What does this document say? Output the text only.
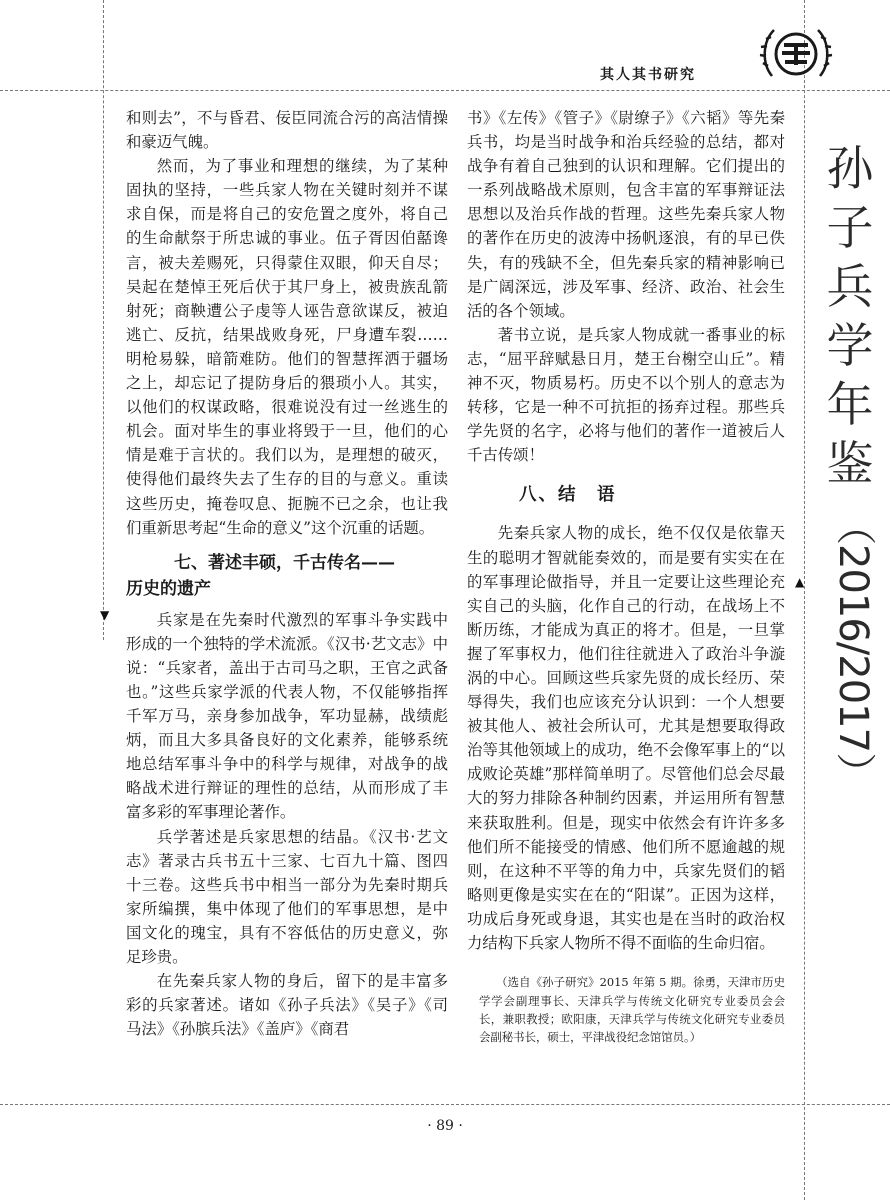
其人其书研究

和则去”，不与昏君、佞臣同流合污的高洁情操和豪迈气魄。

然而，为了事业和理想的继续，为了某种固执的坚持，一些兵家人物在关键时刻并不谋求自保，而是将自己的安危置之度外，将自己的生命献祭于所忠诚的事业。伍子胥因伯嚭谗言，被夫差赐死，只得蒙住双眼，仰天自尽；吴起在楚悼王死后伏于其尸身上，被贵族乱箭射死；商鞅遭公子虔等人诬告意欲谋反，被迫逃亡、反抗，结果战败身死，尸身遭车裂……明枪易躲，暗箭难防。他们的智慧挥洒于疆场之上，却忘记了提防身后的猥琐小人。其实，以他们的权谋政略，很难说没有过一丝逃生的机会。面对毕生的事业将毁于一旦，他们的心情是难于言状的。我们以为，是理想的破灭，使得他们最终失去了生存的目的与意义。重读这些历史，掩卷叹息、扼腕不已之余，也让我们重新思考起“生命的意义”这个沉重的话题。

七、著述丰硕，千古传名——
历史的遗产

兵家是在先秦时代激烈的军事斗争实践中形成的一个独特的学术流派。《汉书·艺文志》中说：“兵家者，盖出于古司马之职，王官之武备也。”这些兵家学派的代表人物，不仅能够指挥千军万马，亲身参加战争，军功显赫，战绩彪炳，而且大多具备良好的文化素养，能够系统地总结军事斗争中的科学与规律，对战争的战略战术进行辩证的理性的总结，从而形成了丰富多彩的军事理论著作。

兵学著述是兵家思想的结晶。《汉书·艺文志》著录古兵书五十三家、七百九十篇、图四十三卷。这些兵书中相当一部分为先秦时期兵家所编撰，集中体现了他们的军事思想，是中国文化的瑰宝，具有不容低估的历史意义，弥足珍贵。

在先秦兵家人物的身后，留下的是丰富多彩的兵家著述。诸如《孙子兵法》《吴子》《司马法》《孙膑兵法》《盖庐》《商君

书》《左传》《管子》《尉缭子》《六韬》等先秦兵书，均是当时战争和治兵经验的总结，都对战争有着自己独到的认识和理解。它们提出的一系列战略战术原则，包含丰富的军事辩证法思想以及治兵作战的哲理。这些先秦兵家人物的著作在历史的波涛中扬帆逐浪，有的早已佚失，有的残缺不全，但先秦兵家的精神影响已是广阔深远，涉及军事、经济、政治、社会生活的各个领域。

著书立说，是兵家人物成就一番事业的标志，“屈平辞赋悬日月，楚王台榭空山丘”。精神不灭，物质易朽。历史不以个别人的意志为转移，它是一种不可抗拒的扬弃过程。那些兵学先贤的名字，必将与他们的著作一道被后人千古传颂！

八、结　语

先秦兵家人物的成长，绝不仅仅是依靠天生的聪明才智就能奏效的，而是要有实实在在的军事理论做指导，并且一定要让这些理论充实自己的头脑，化作自己的行动，在战场上不断历练，才能成为真正的将才。但是，一旦掌握了军事权力，他们往往就进入了政治斗争漩涡的中心。回顾这些兵家先贤的成长经历、荣辱得失，我们也应该充分认识到：一个人想要被其他人、被社会所认可，尤其是想要取得政治等其他领域上的成功，绝不会像军事上的“以成败论英雄”那样简单明了。尽管他们总会尽最大的努力排除各种制约因素，并运用所有智慧来获取胜利。但是，现实中依然会有许许多多他们所不能接受的情感、他们所不愿逾越的规则，在这种不平等的角力中，兵家先贤们的韬略则更像是实实在在的“阳谋”。正因为这样，功成后身死或身退，其实也是在当时的政治权力结构下兵家人物所不得不面临的生命归宿。

（选自《孙子研究》2015 年第 5 期。徐勇，天津市历史学学会副理事长、天津兵学与传统文化研究专业委员会会长，兼职教授；欧阳康，天津兵学与传统文化研究专业委员会副秘书长，硕士，平津战役纪念馆馆员。）
孙
子
兵
学
年
鉴
（2016/2017）
▼
▲
· 89 ·
